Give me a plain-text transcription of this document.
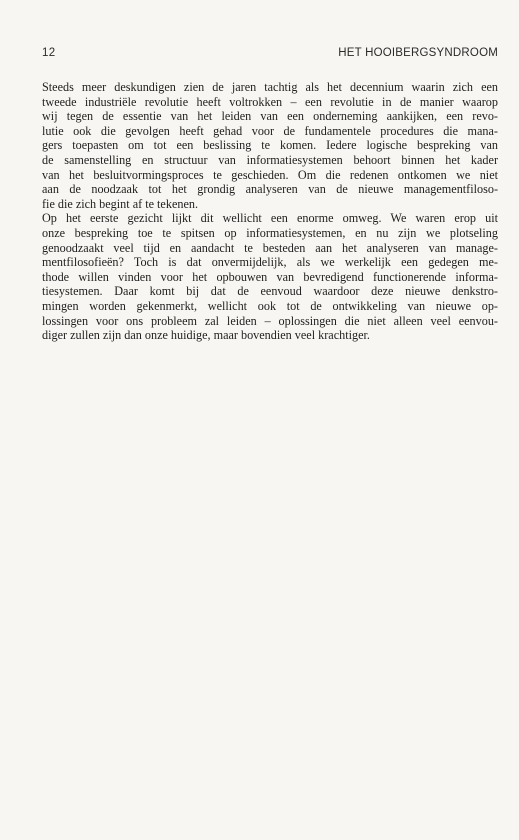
12	HET HOOIBERGSYNDROOM
Steeds meer deskundigen zien de jaren tachtig als het decennium waarin zich een
tweede industriële revolutie heeft voltrokken – een revolutie in de manier waarop
wij tegen de essentie van het leiden van een onderneming aankijken, een revo-
lutie ook die gevolgen heeft gehad voor de fundamentele procedures die mana-
gers toepasten om tot een beslissing te komen. Iedere logische bespreking van
de samenstelling en structuur van informatiesystemen behoort binnen het kader
van het besluitvormingsproces te geschieden. Om die redenen ontkomen we niet
aan de noodzaak tot het grondig analyseren van de nieuwe managementfiloso-
fie die zich begint af te tekenen.
Op het eerste gezicht lijkt dit wellicht een enorme omweg. We waren erop uit
onze bespreking toe te spitsen op informatiesystemen, en nu zijn we plotseling
genoodzaakt veel tijd en aandacht te besteden aan het analyseren van manage-
mentfilosofieën? Toch is dat onvermijdelijk, als we werkelijk een gedegen me-
thode willen vinden voor het opbouwen van bevredigend functionerende informa-
tiesystemen. Daar komt bij dat de eenvoud waardoor deze nieuwe denkstro-
mingen worden gekenmerkt, wellicht ook tot de ontwikkeling van nieuwe op-
lossingen voor ons probleem zal leiden – oplossingen die niet alleen veel eenvou-
diger zullen zijn dan onze huidige, maar bovendien veel krachtiger.
